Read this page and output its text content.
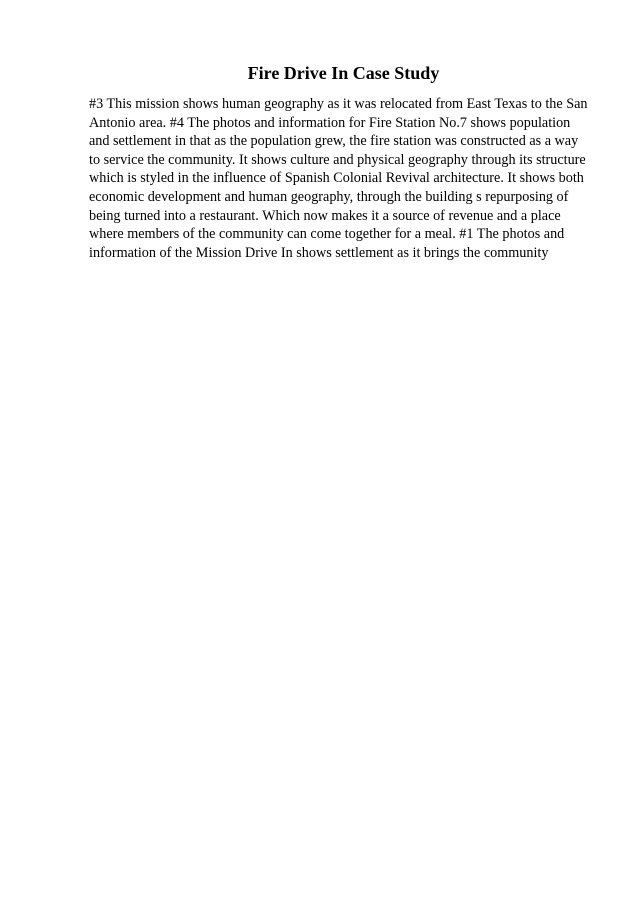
Fire Drive In Case Study

#3 This mission shows human geography as it was relocated from East Texas to the San Antonio area. #4 The photos and information for Fire Station No.7 shows population and settlement in that as the population grew, the fire station was constructed as a way to service the community. It shows culture and physical geography through its structure which is styled in the influence of Spanish Colonial Revival architecture. It shows both economic development and human geography, through the building s repurposing of being turned into a restaurant. Which now makes it a source of revenue and a place where members of the community can come together for a meal. #1 The photos and information of the Mission Drive In shows settlement as it brings the community
